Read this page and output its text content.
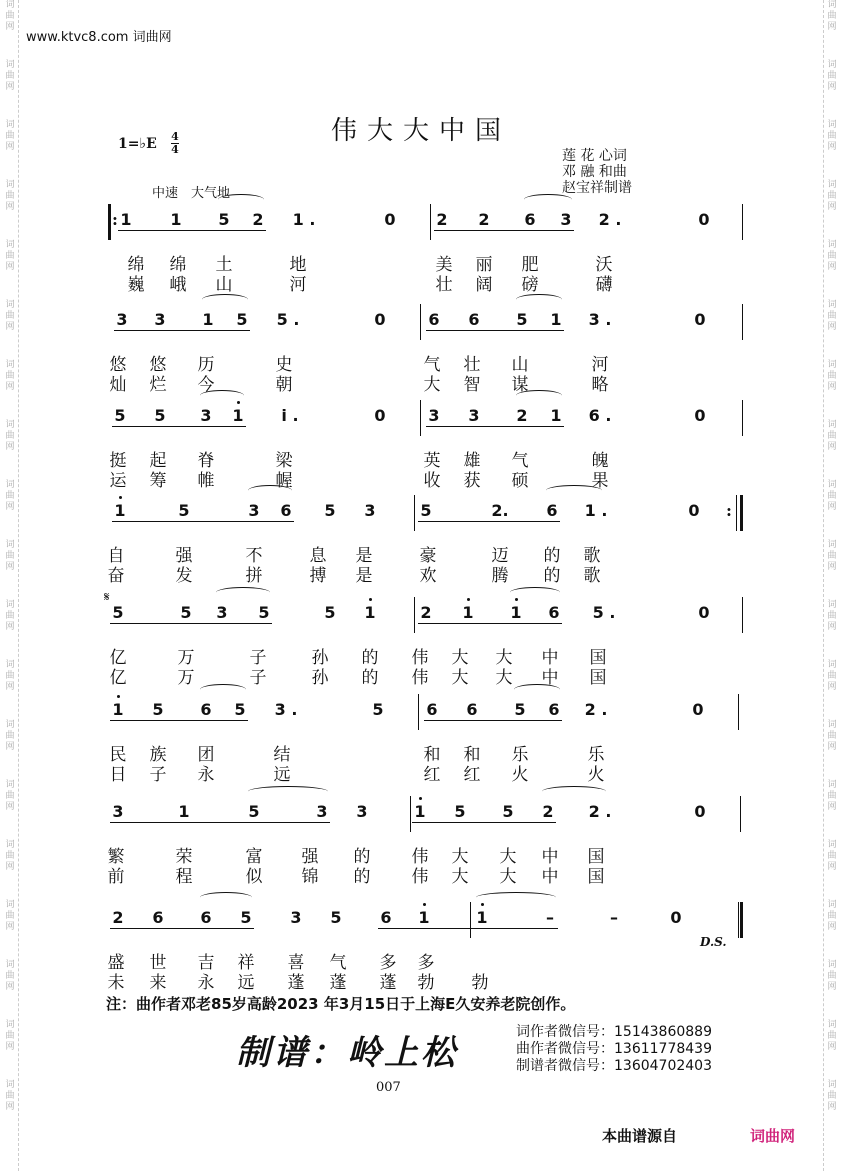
词
曲
网
词
曲
网
词
曲
网
词
曲
网
词
曲
网
词
曲
网
词
曲
网
词
曲
网
词
曲
网
词
曲
网
词
曲
网
词
曲
网
词
曲
网
词
曲
网
词
曲
网
词
曲
网
词
曲
网
词
曲
网
词
曲
网
词
曲
网
词
曲
网
词
曲
网
词
曲
网
词
曲
网
词
曲
网
词
曲
网
词
曲
网
词
曲
网
词
曲
网
词
曲
网
词
曲
网
词
曲
网
词
曲
网
词
曲
网
词
曲
网
词
曲
网
词
曲
网
词
曲
网
www.ktvc8.com 词曲网
伟大大中国
1=♭E 4
4
中速　大气地
莲 花 心词
邓 融 和曲
赵宝祥制谱
1 1 5 2 1 .	0	2 2 6 3 2 .	0
:
绵 绵 土	地	美 丽 肥	沃
巍 峨 山	河	壮 阔 磅	礴
3 3 1 5 5 .	0	6 6 5 1 3 .	0
悠 悠 历	史	气 壮 山	河
灿 烂 今	朝	大 智 谋	略
5 5 3 1 i .	0	3 3 2 1 6 .	0
挺 起 脊	梁	英 雄 气	魄
运 筹 帷	幄	收 获 硕	果
1	5	3 6 5 3	5	2. 6 1 .	0 :
自	强	不	息 是	豪	迈 的 歌
奋	发	拼	搏 是	欢	腾 的 歌
5	5 3 5	5 1	2 1 1 6 5 .	0
亿	万	子	孙 的 伟 大 大 中 国
亿	万	子	孙 的 伟 大 大 中 国
1 5 6 5 3 .	5	6 6 5 6 2 .	0
民 族 团	结	和 和 乐	乐
日 子 永	远	红 红 火	火
3	1	5	3 3	1 5 5 2 2 .	0
繁	荣	富 强 的 伟 大 大 中 国
前	程	似 锦 的 伟 大 大 中 国
2 6 6 5 3 5 6 1	1	–	–	0
盛 世 吉 祥 喜 气 多 多
未 来 永 远 蓬 蓬 蓬 勃 勃
𝄋
D.S.
注：曲作者邓老85岁高龄2023 年3月15日于上海E久安养老院创作。
制谱：岭上松
词作者微信号：15143860889
曲作者微信号：13611778439
制谱者微信号：13604702403
007
本曲谱源自	词曲网
